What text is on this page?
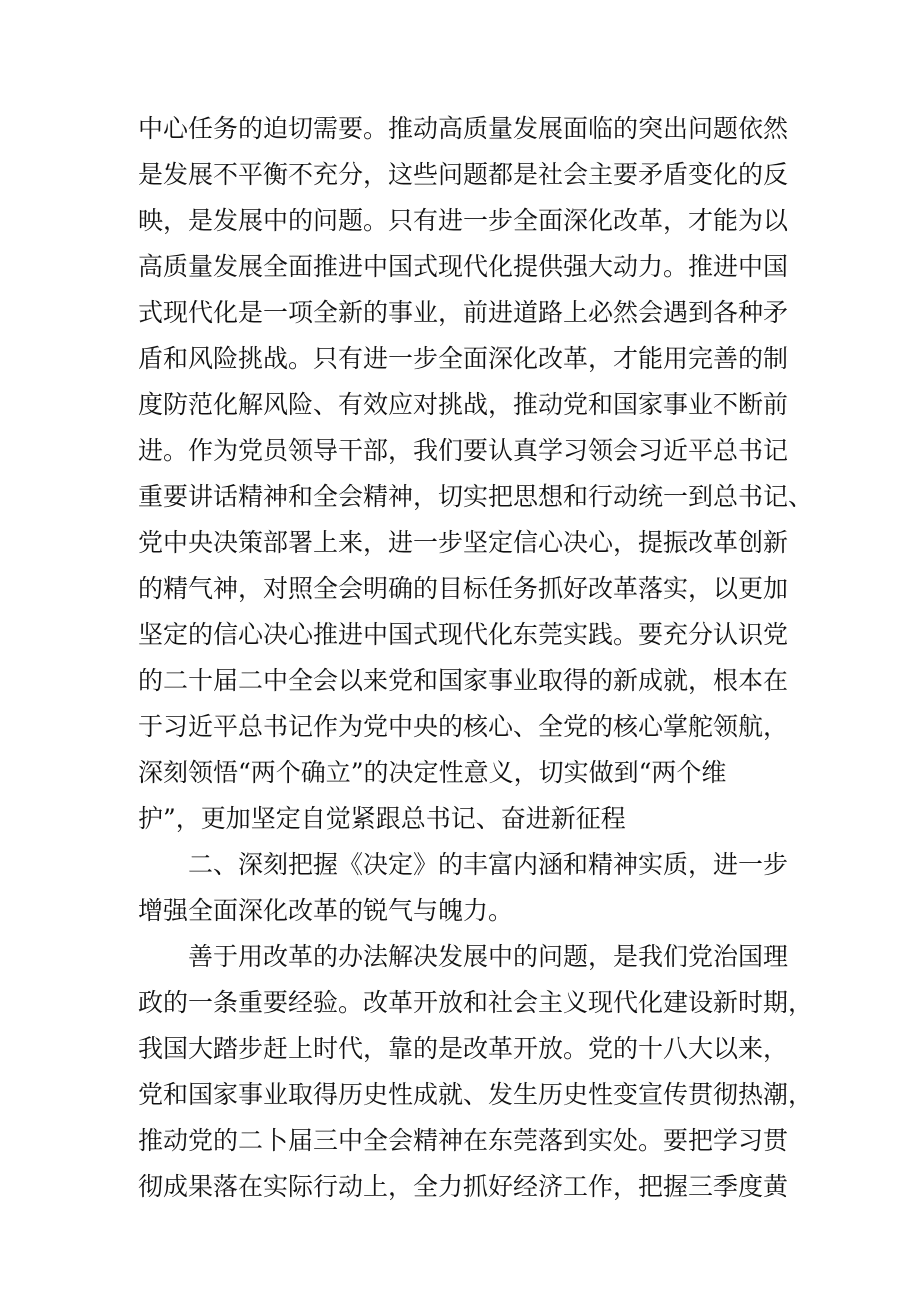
中心任务的迫切需要。推动高质量发展面临的突出问题依然
是发展不平衡不充分，这些问题都是社会主要矛盾变化的反
映，是发展中的问题。只有进一步全面深化改革，才能为以
高质量发展全面推进中国式现代化提供强大动力。推进中国
式现代化是一项全新的事业，前进道路上必然会遇到各种矛
盾和风险挑战。只有进一步全面深化改革，才能用完善的制
度防范化解风险、有效应对挑战，推动党和国家事业不断前
进。作为党员领导干部，我们要认真学习领会习近平总书记
重要讲话精神和全会精神，切实把思想和行动统一到总书记、
党中央决策部署上来，进一步坚定信心决心，提振改革创新
的精气神，对照全会明确的目标任务抓好改革落实，以更加
坚定的信心决心推进中国式现代化东莞实践。要充分认识党
的二十届二中全会以来党和国家事业取得的新成就，根本在
于习近平总书记作为党中央的核心、全党的核心掌舵领航，
深刻领悟“两个确立”的决定性意义，切实做到“两个维
护”，更加坚定自觉紧跟总书记、奋进新征程
　　二、深刻把握《决定》的丰富内涵和精神实质，进一步
增强全面深化改革的锐气与魄力。
　　善于用改革的办法解决发展中的问题，是我们党治国理
政的一条重要经验。改革开放和社会主义现代化建设新时期，
我国大踏步赶上时代，靠的是改革开放。党的十八大以来，
党和国家事业取得历史性成就、发生历史性变宣传贯彻热潮，
推动党的二卜届三中全会精神在东莞落到实处。要把学习贯
彻成果落在实际行动上，全力抓好经济工作，把握三季度黄
